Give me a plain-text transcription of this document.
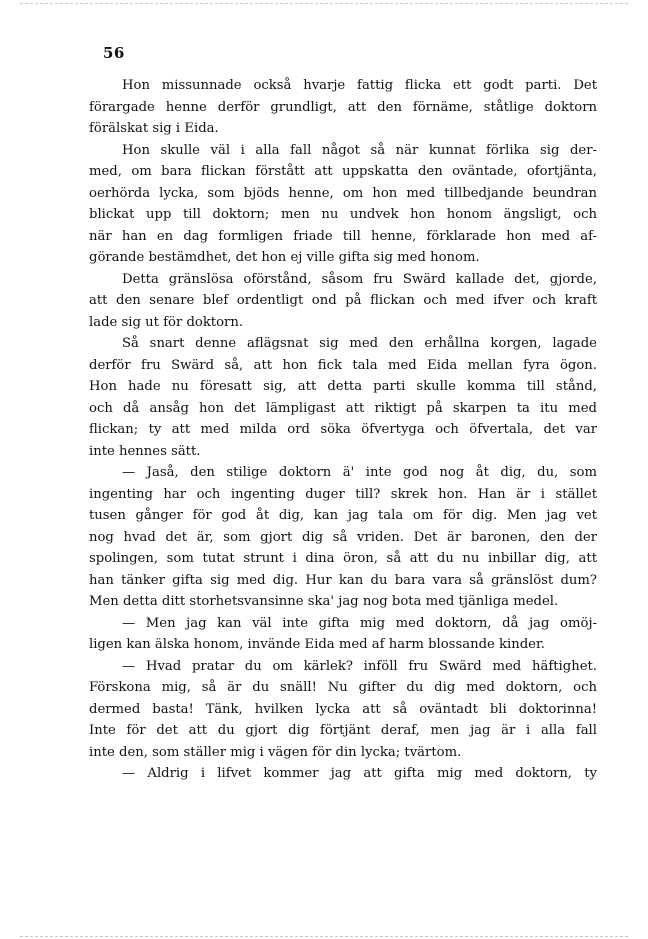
56
Hon missunnade också hvarje fattig flicka ett godt parti. Det
förargade henne derför grundligt, att den förnäme, ståtlige doktorn
förälskat sig i Eida.
Hon skulle väl i alla fall något så när kunnat förlika sig der-
med, om bara flickan förstått att uppskatta den oväntade, ofortjänta,
oerhörda lycka, som bjöds henne, om hon med tillbedjande beundran
blickat upp till doktorn; men nu undvek hon honom ängsligt, och
när han en dag formligen friade till henne, förklarade hon med af-
görande bestämdhet, det hon ej ville gifta sig med honom.
Detta gränslösa oförstånd, såsom fru Swärd kallade det, gjorde,
att den senare blef ordentligt ond på flickan och med ifver och kraft
lade sig ut för doktorn.
Så snart denne aflägsnat sig med den erhållna korgen, lagade
derför fru Swärd så, att hon fick tala med Eida mellan fyra ögon.
Hon hade nu föresatt sig, att detta parti skulle komma till stånd,
och då ansåg hon det lämpligast att riktigt på skarpen ta itu med
flickan; ty att med milda ord söka öfvertyga och öfvertala, det var
inte hennes sätt.
— Jaså, den stilige doktorn ä' inte god nog åt dig, du, som
ingenting har och ingenting duger till? skrek hon. Han är i stället
tusen gånger för god åt dig, kan jag tala om för dig. Men jag vet
nog hvad det är, som gjort dig så vriden. Det är baronen, den der
spolingen, som tutat strunt i dina öron, så att du nu inbillar dig, att
han tänker gifta sig med dig. Hur kan du bara vara så gränslöst dum?
Men detta ditt storhetsvansinne ska' jag nog bota med tjänliga medel.
— Men jag kan väl inte gifta mig med doktorn, då jag omöj-
ligen kan älska honom, invände Eida med af harm blossande kinder.
— Hvad pratar du om kärlek? inföll fru Swärd med häftighet.
Förskona mig, så är du snäll! Nu gifter du dig med doktorn, och
dermed basta! Tänk, hvilken lycka att så oväntadt bli doktorinna!
Inte för det att du gjort dig förtjänt deraf, men jag är i alla fall
inte den, som ställer mig i vägen för din lycka; tvärtom.
— Aldrig i lifvet kommer jag att gifta mig med doktorn, ty
